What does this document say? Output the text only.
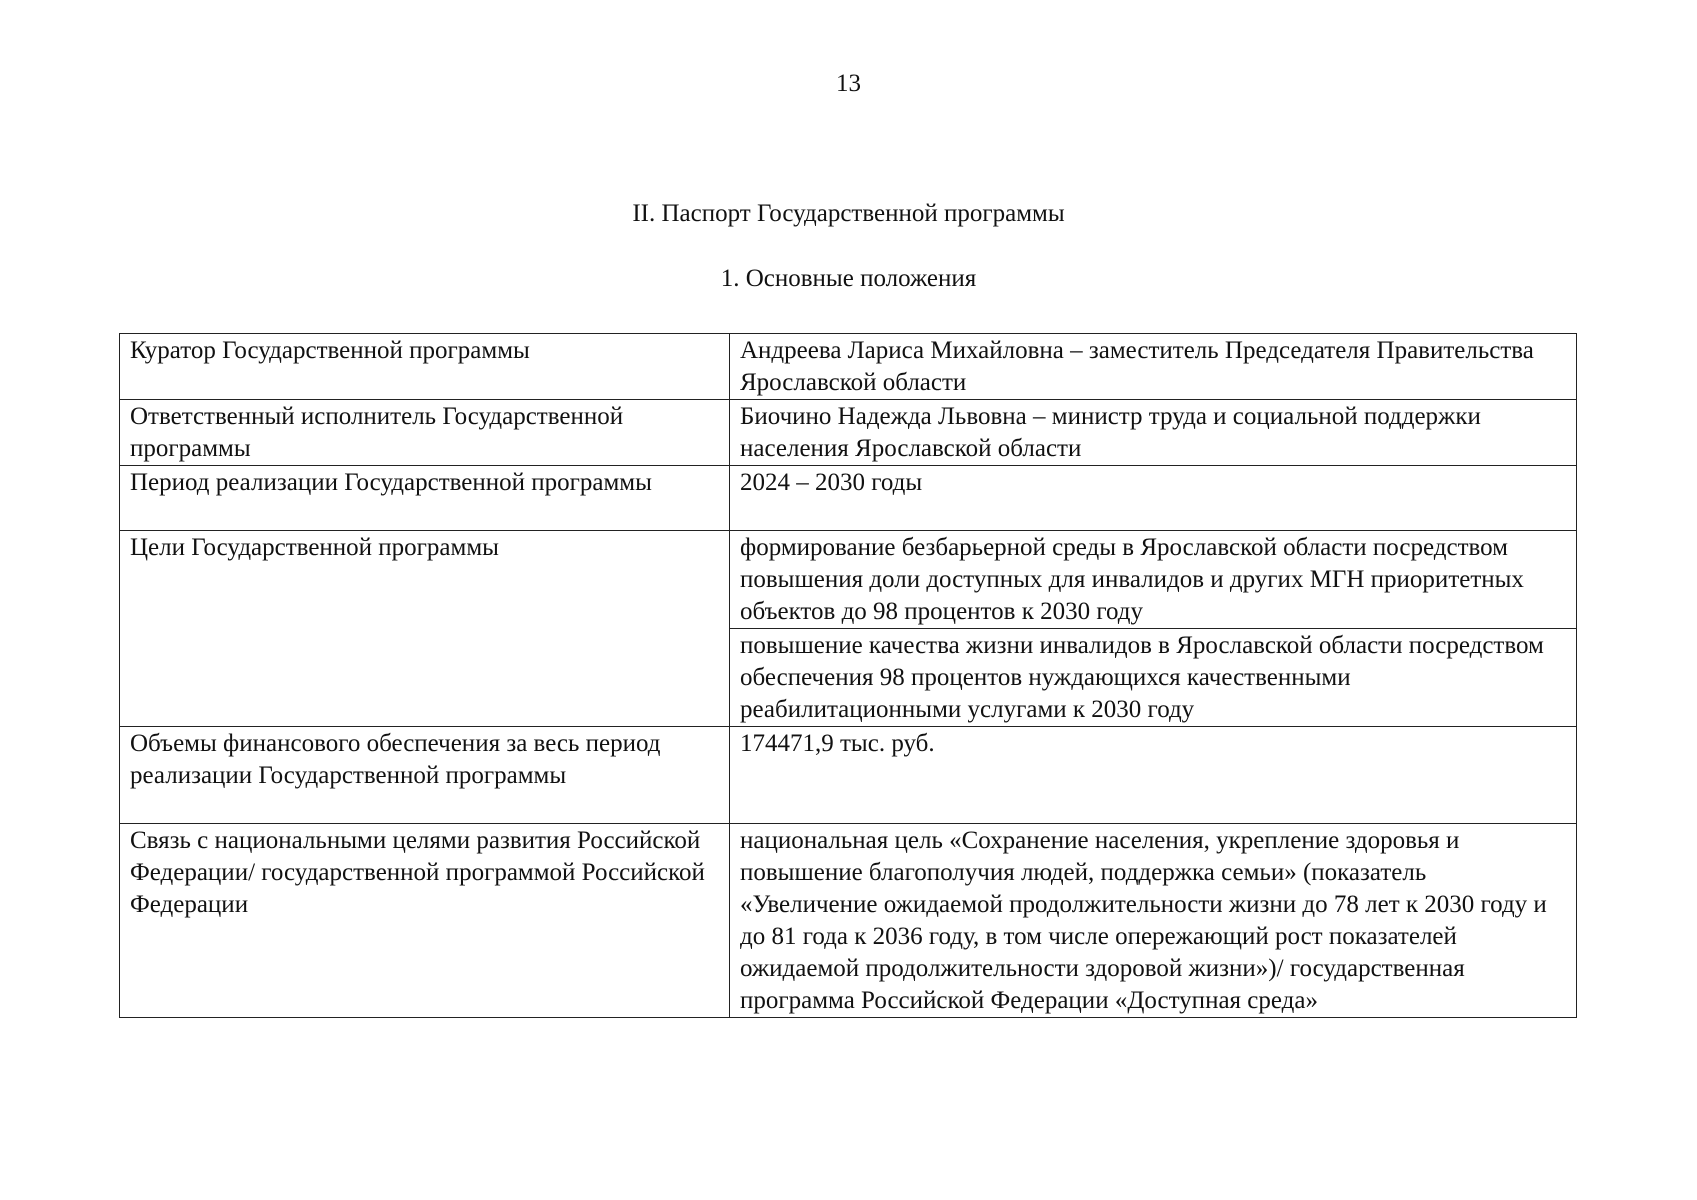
13
II. Паспорт Государственной программы
1. Основные положения
Куратор Государственной программы	Андреева Лариса Михайловна – заместитель Председателя Правительства Ярославской области
Ответственный исполнитель Государственной программы	Биочино Надежда Львовна – министр труда и социальной поддержки населения Ярославской области
Период реализации Государственной программы	2024 – 2030 годы
Цели Государственной программы	формирование безбарьерной среды в Ярославской области посредством повышения доли доступных для инвалидов и других МГН приоритетных объектов до 98 процентов к 2030 году
повышение качества жизни инвалидов в Ярославской области посредством обеспечения 98 процентов нуждающихся качественными реабилитационными услугами к 2030 году

Объемы финансового обеспечения за весь период реализации Государственной программы	174471,9 тыс. руб.
Связь с национальными целями развития Российской Федерации/ государственной программой Российской Федерации	национальная цель «Сохранение населения, укрепление здоровья и повышение благополучия людей, поддержка семьи» (показатель «Увеличение ожидаемой продолжительности жизни до 78 лет к 2030 году и до 81 года к 2036 году, в том числе опережающий рост показателей ожидаемой продолжительности здоровой жизни»)/ государственная программа Российской Федерации «Доступная среда»
